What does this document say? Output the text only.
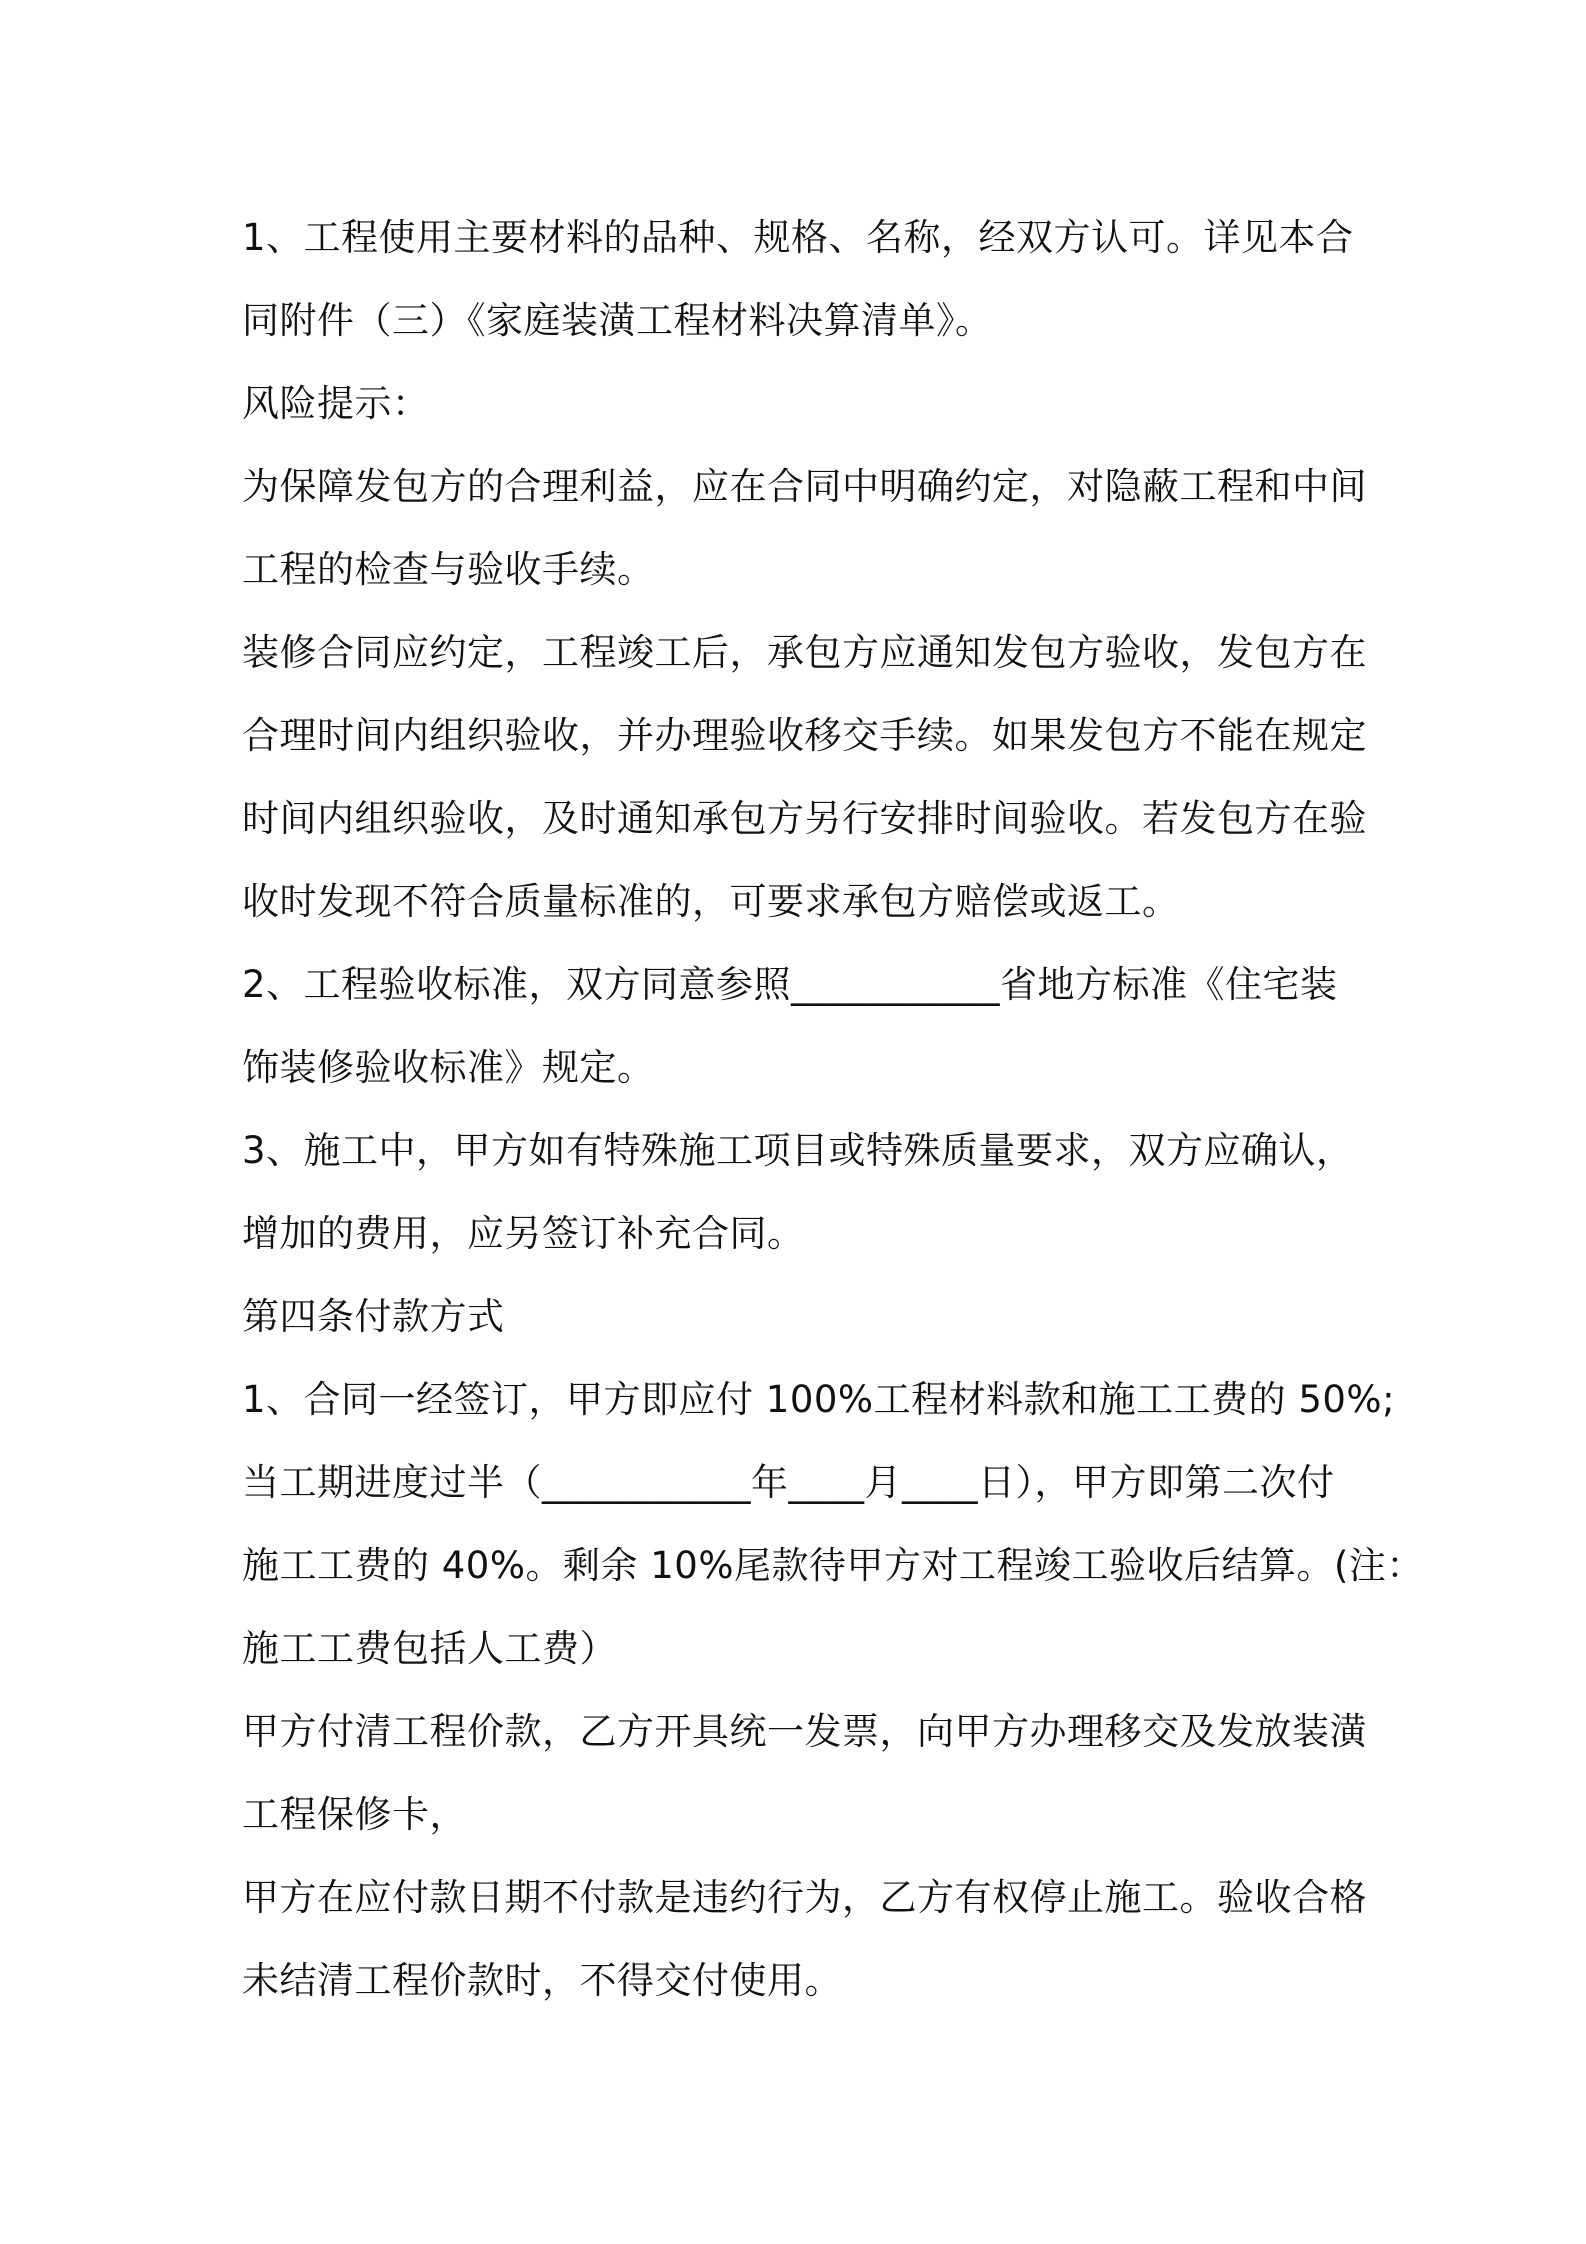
1、工程使用主要材料的品种、规格、名称，经双方认可。详见本合
同附件（三）《家庭装潢工程材料决算清单》。
风险提示：
为保障发包方的合理利益，应在合同中明确约定，对隐蔽工程和中间
工程的检查与验收手续。
装修合同应约定，工程竣工后，承包方应通知发包方验收，发包方在
合理时间内组织验收，并办理验收移交手续。如果发包方不能在规定
时间内组织验收，及时通知承包方另行安排时间验收。若发包方在验
收时发现不符合质量标准的，可要求承包方赔偿或返工。
2、工程验收标准，双方同意参照___________省地方标准《住宅装
饰装修验收标准》规定。
3、施工中，甲方如有特殊施工项目或特殊质量要求，双方应确认，
增加的费用，应另签订补充合同。
第四条付款方式
1、合同一经签订，甲方即应付 100%工程材料款和施工工费的 50%;
当工期进度过半（___________年____月____日），甲方即第二次付
施工工费的 40%。剩余 10%尾款待甲方对工程竣工验收后结算。(注：
施工工费包括人工费）
甲方付清工程价款，乙方开具统一发票，向甲方办理移交及发放装潢
工程保修卡，
甲方在应付款日期不付款是违约行为，乙方有权停止施工。验收合格
未结清工程价款时，不得交付使用。
